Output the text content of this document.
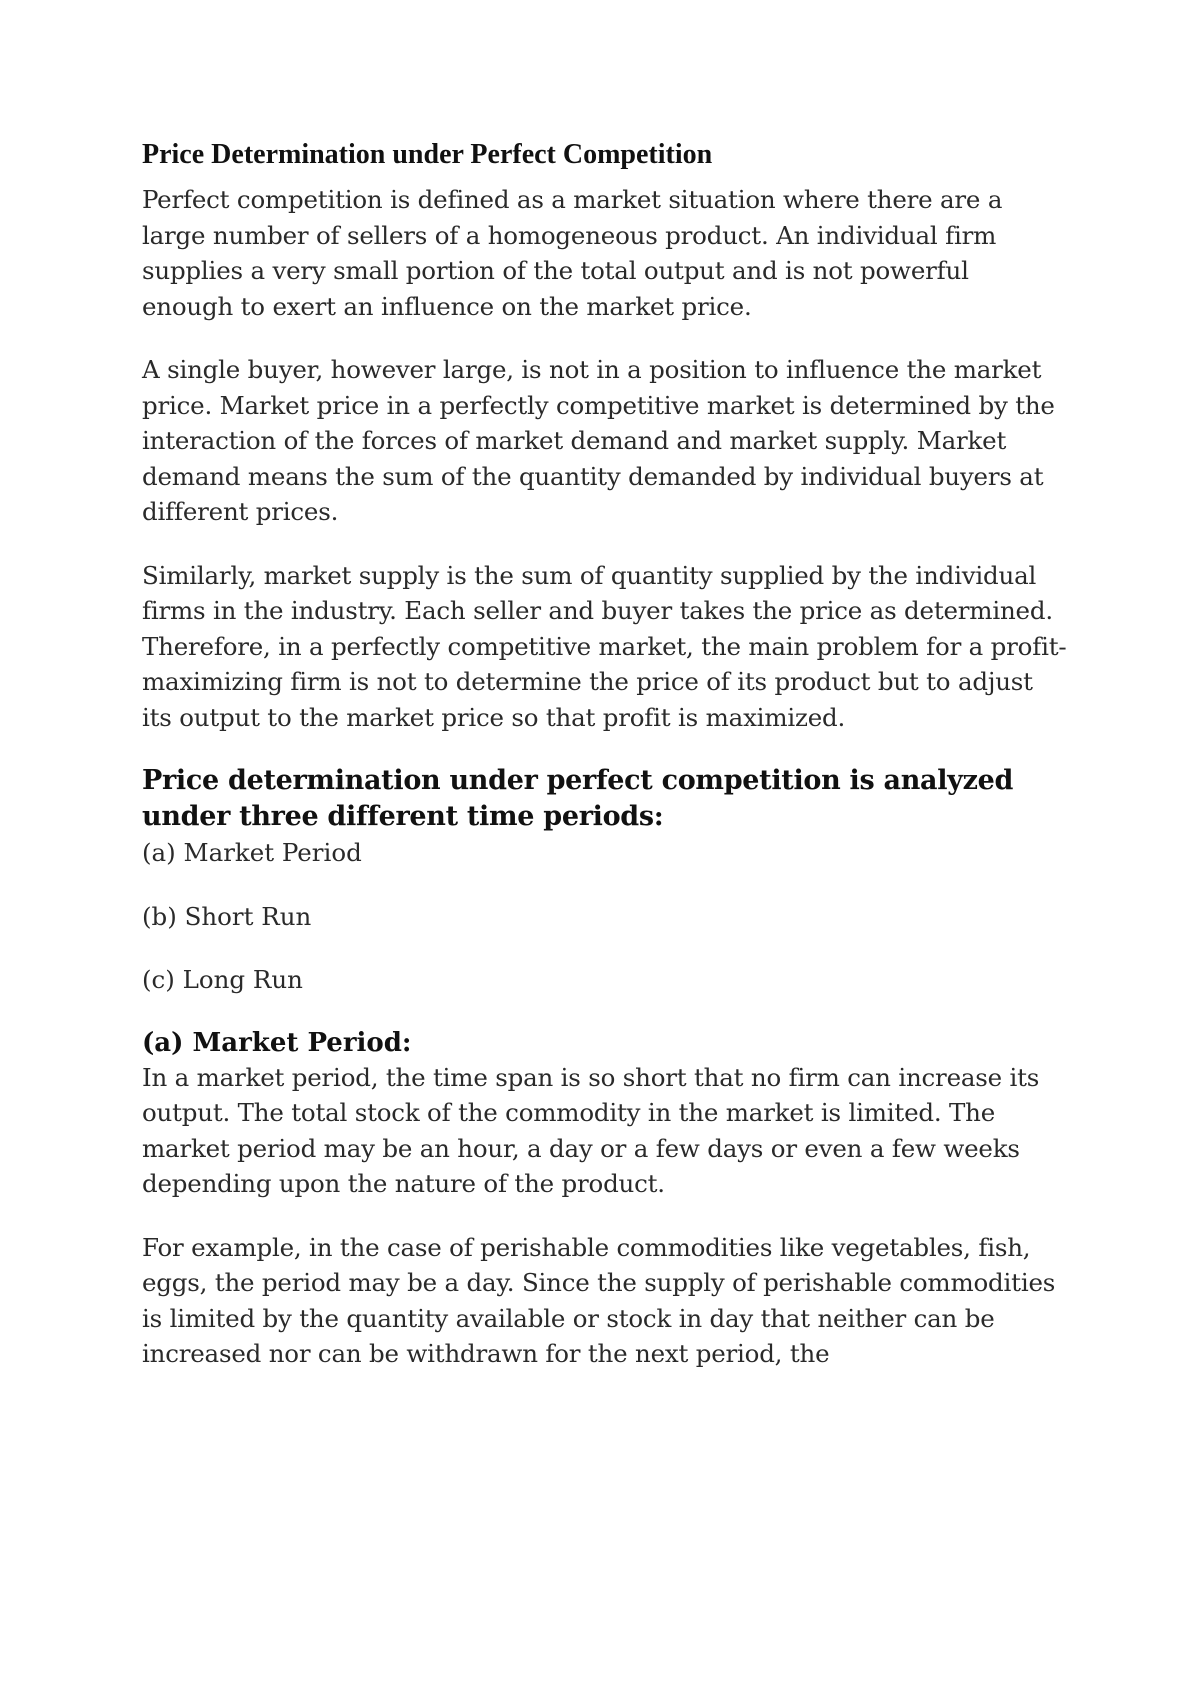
Price Determination under Perfect Competition

Perfect competition is defined as a market situation where there are a large number of sellers of a homogeneous product. An individual firm supplies a very small portion of the total output and is not powerful enough to exert an influence on the market price.

A single buyer, however large, is not in a position to influence the market price. Market price in a perfectly competitive market is determined by the interaction of the forces of market demand and market supply. Market demand means the sum of the quantity demanded by individual buyers at different prices.

Similarly, market supply is the sum of quantity supplied by the individual firms in the industry. Each seller and buyer takes the price as determined. Therefore, in a perfectly competitive market, the main problem for a profit-maximizing firm is not to determine the price of its product but to adjust its output to the market price so that profit is maximized.

Price determination under perfect competition is analyzed under three different time periods:

(a) Market Period

(b) Short Run

(c) Long Run

(a) Market Period:

In a market period, the time span is so short that no firm can increase its output. The total stock of the commodity in the market is limited. The market period may be an hour, a day or a few days or even a few weeks depending upon the nature of the product.

For example, in the case of perishable commodities like vegetables, fish, eggs, the period may be a day. Since the supply of perishable commodities is limited by the quantity available or stock in day that neither can be increased nor can be withdrawn for the next period, the
